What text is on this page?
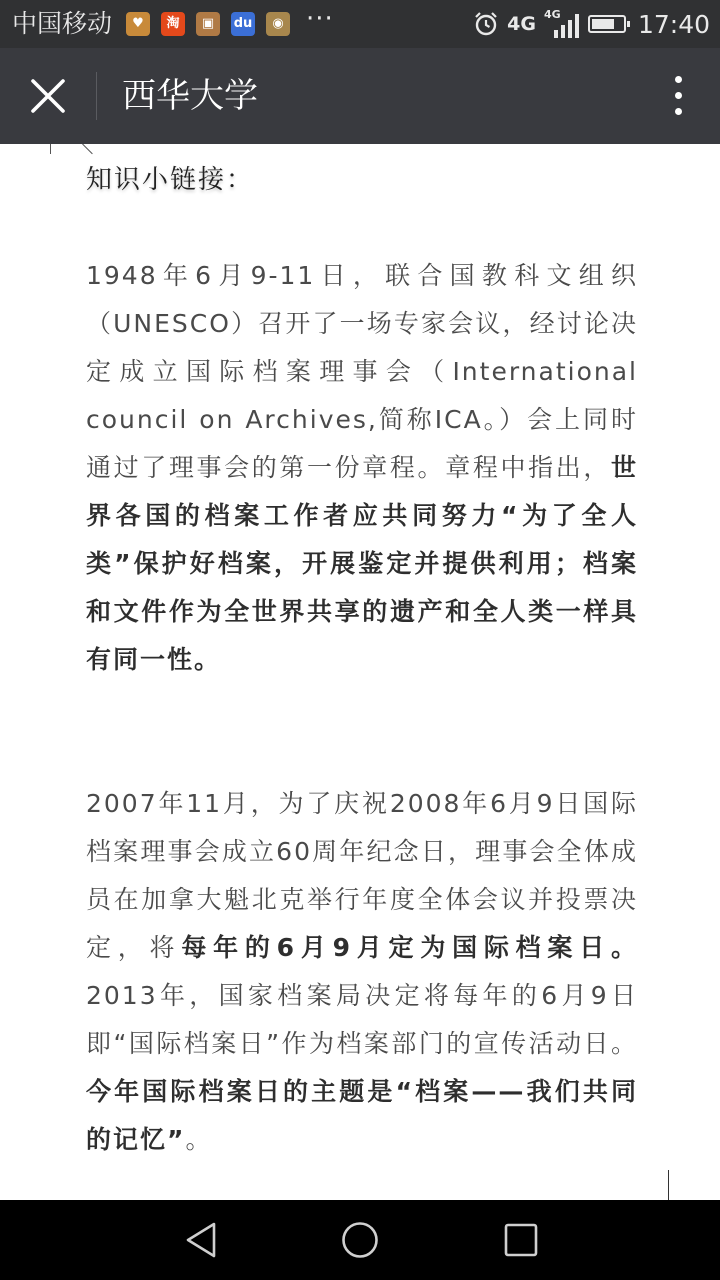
中国移动	♥	淘	▣	du	◉ ···	4G 4G	17:40
西华大学
知识小链接：

1948年6月9-11日，联合国教科文组织（UNESCO）召开了一场专家会议，经讨论决定成立国际档案理事会（International council on Archives,简称ICA。）会上同时通过了理事会的第一份章程。章程中指出，世界各国的档案工作者应共同努力“为了全人类”保护好档案，开展鉴定并提供利用；档案和文件作为全世界共享的遗产和全人类一样具有同一性。

2007年11月，为了庆祝2008年6月9日国际档案理事会成立60周年纪念日，理事会全体成员在加拿大魁北克举行年度全体会议并投票决定，将每年的6月9月定为国际档案日。 2013年，国家档案局决定将每年的6月9日即“国际档案日”作为档案部门的宣传活动日。今年国际档案日的主题是“档案——我们共同的记忆”。
